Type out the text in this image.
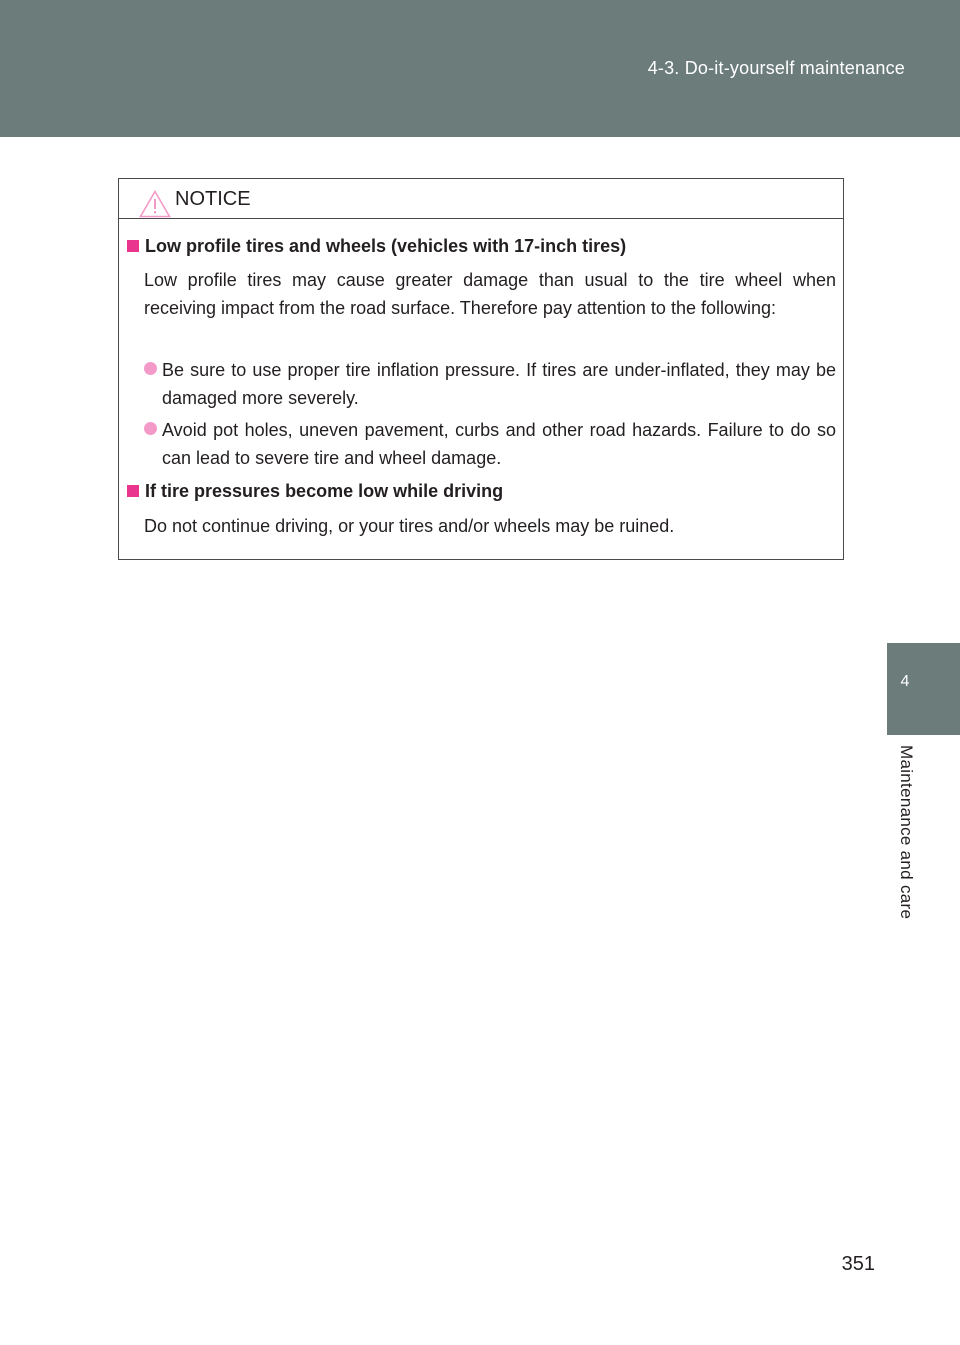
4-3. Do-it-yourself maintenance
4
Maintenance and care
NOTICE
Low profile tires and wheels (vehicles with 17-inch tires)
Low profile tires may cause greater damage than usual to the tire wheel when receiving impact from the road surface. Therefore pay attention to the following:
Be sure to use proper tire inflation pressure. If tires are under-inflated, they may be damaged more severely.
Avoid pot holes, uneven pavement, curbs and other road hazards. Failure to do so can lead to severe tire and wheel damage.
If tire pressures become low while driving
Do not continue driving, or your tires and/or wheels may be ruined.
351
